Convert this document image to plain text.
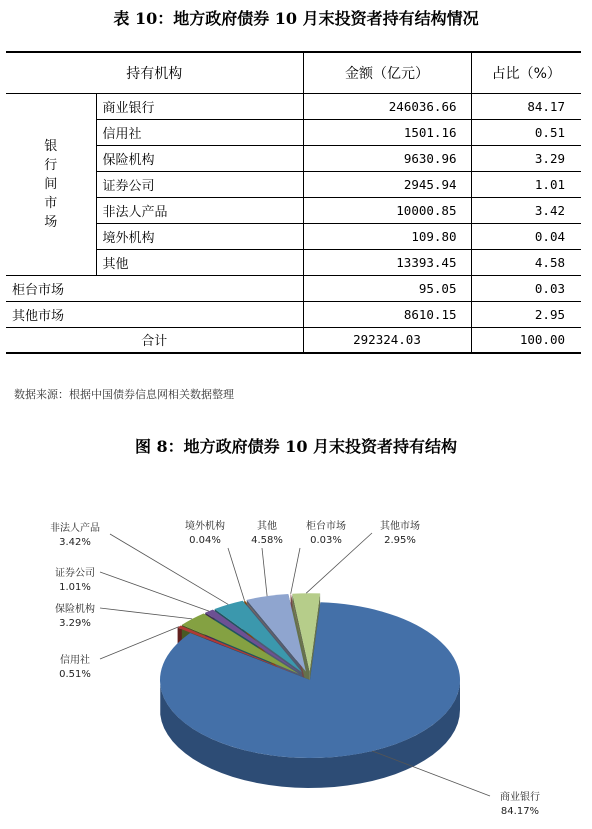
表 10：地方政府债券 10 月末投资者持有结构情况
持有机构		金额（亿元）	占比（%）
银行间市场	商业银行	246036.66	84.17
	信用社	1501.16	0.51
	保险机构	9630.96	3.29
	证券公司	2945.94	1.01
	非法人产品	10000.85	3.42
	境外机构	109.80	0.04
	其他	13393.45	4.58
柜台市场		95.05	0.03
其他市场		8610.15	2.95
合计		292324.03	100.00
数据来源：根据中国债券信息网相关数据整理
图 8：地方政府债券 10 月末投资者持有结构
商业银行
84.17%
信用社
0.51%
保险机构
3.29%
证券公司
1.01%
非法人产品
3.42%
境外机构
0.04%
其他
4.58%
柜台市场
0.03%
其他市场
2.95%
